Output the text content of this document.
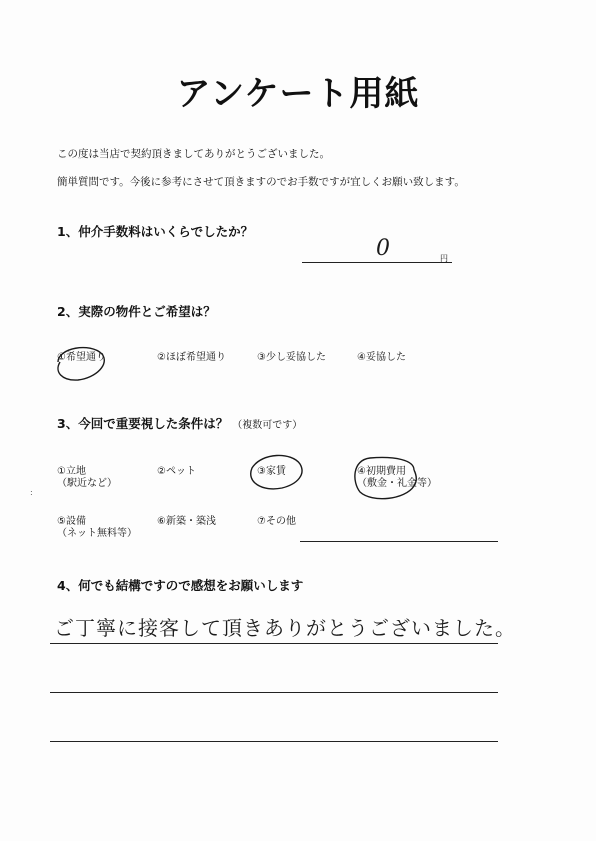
アンケート用紙
この度は当店で契約頂きましてありがとうございました。
簡単質問です。今後に参考にさせて頂きますのでお手数ですが宜しくお願い致します。
1、仲介手数料はいくらでしたか？
0	円
2、実際の物件とご希望は？
①希望通り	②ほぼ希望通り	③少し妥協した	④妥協した
3、今回で重要視した条件は？ （複数可です）
①立地
（駅近など）
②ペット	③家賃	④初期費用
（敷金・礼金等）
⑤設備
（ネット無料等）
⑥新築・築浅	⑦その他
4、何でも結構ですので感想をお願いします
ご丁寧に接客して頂きありがとうございました。
:
